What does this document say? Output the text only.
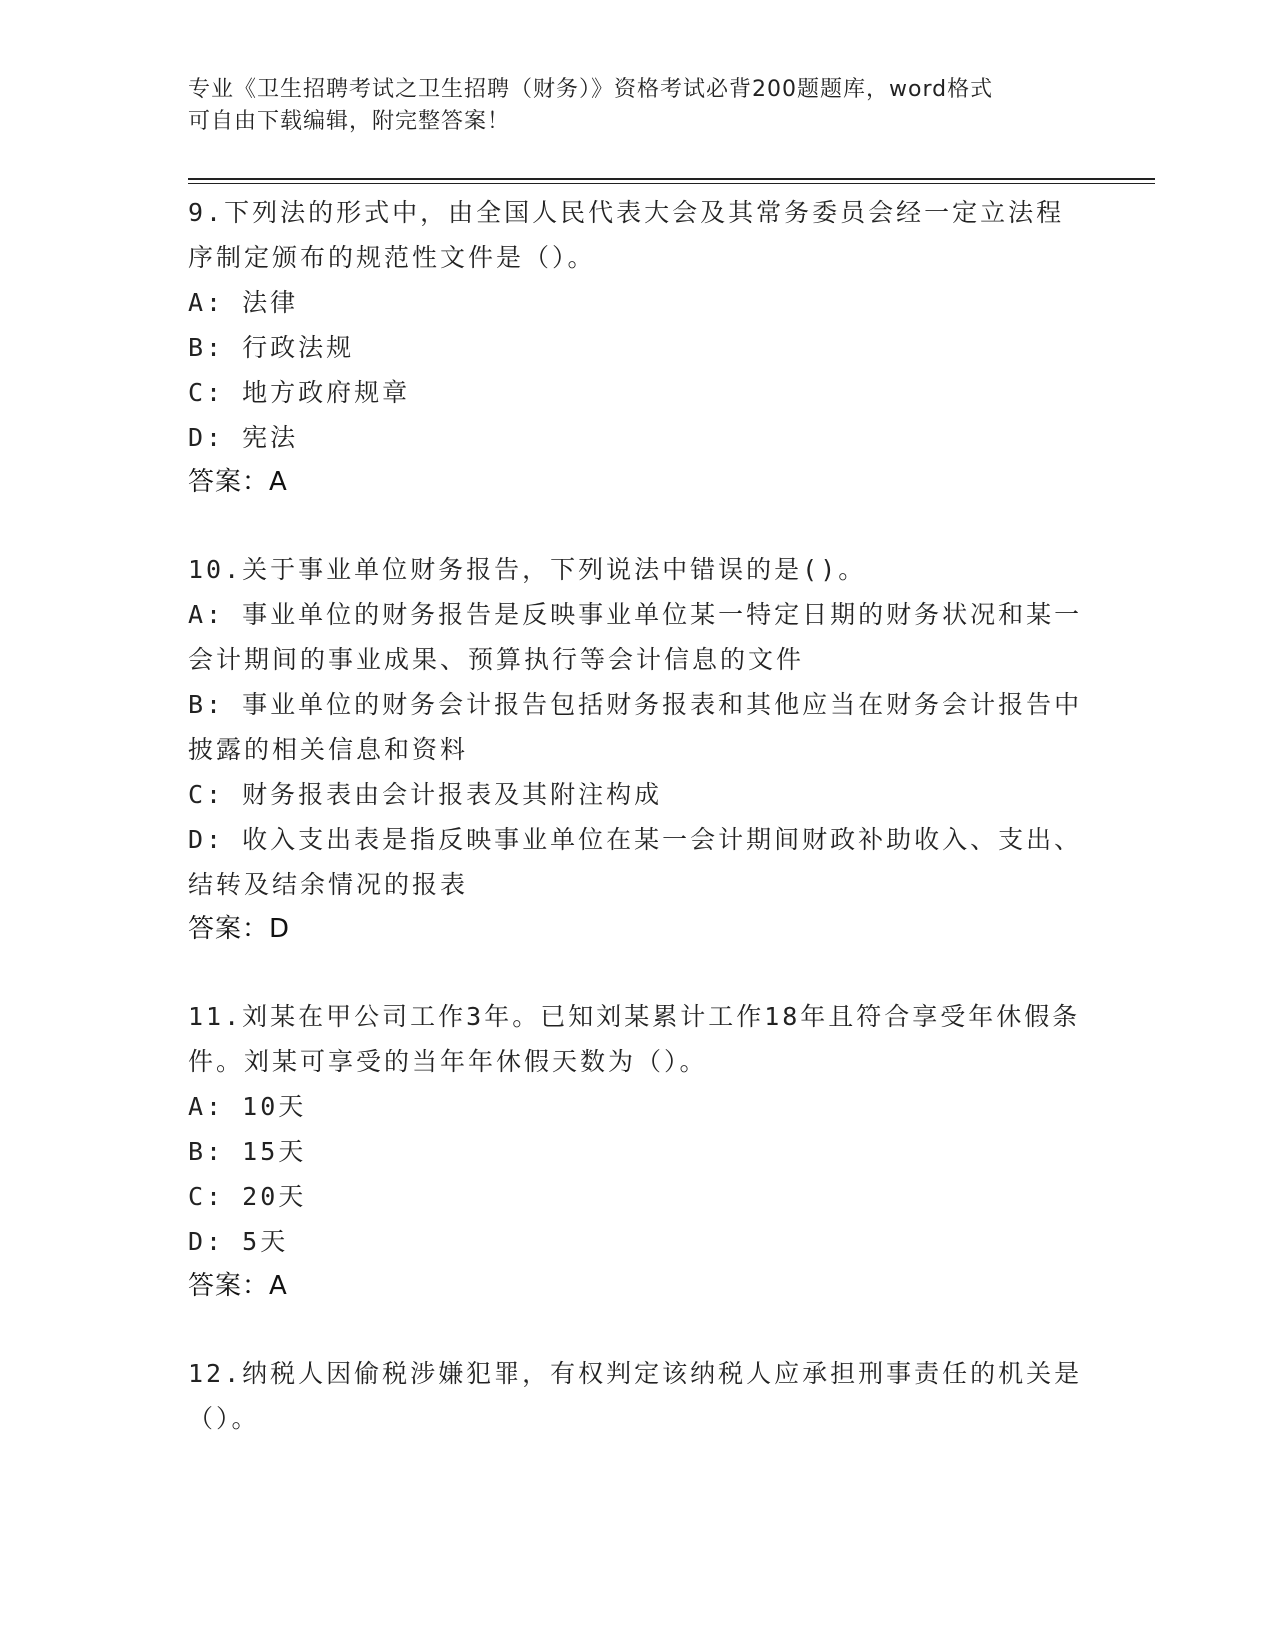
专业《卫生招聘考试之卫生招聘（财务）》资格考试必背200题题库，word格式
可自由下载编辑，附完整答案！

9.下列法的形式中，由全国人民代表大会及其常务委员会经一定立法程序制定颁布的规范性文件是（）。

A: 法律

B: 行政法规

C: 地方政府规章

D: 宪法

答案：A

10.关于事业单位财务报告，下列说法中错误的是()。

A: 事业单位的财务报告是反映事业单位某一特定日期的财务状况和某一会计期间的事业成果、预算执行等会计信息的文件

B: 事业单位的财务会计报告包括财务报表和其他应当在财务会计报告中披露的相关信息和资料

C: 财务报表由会计报表及其附注构成

D: 收入支出表是指反映事业单位在某一会计期间财政补助收入、支出、结转及结余情况的报表

答案：D

11.刘某在甲公司工作3年。已知刘某累计工作18年且符合享受年休假条件。刘某可享受的当年年休假天数为（）。

A: 10天

B: 15天

C: 20天

D: 5天

答案：A

12.纳税人因偷税涉嫌犯罪，有权判定该纳税人应承担刑事责任的机关是（）。
